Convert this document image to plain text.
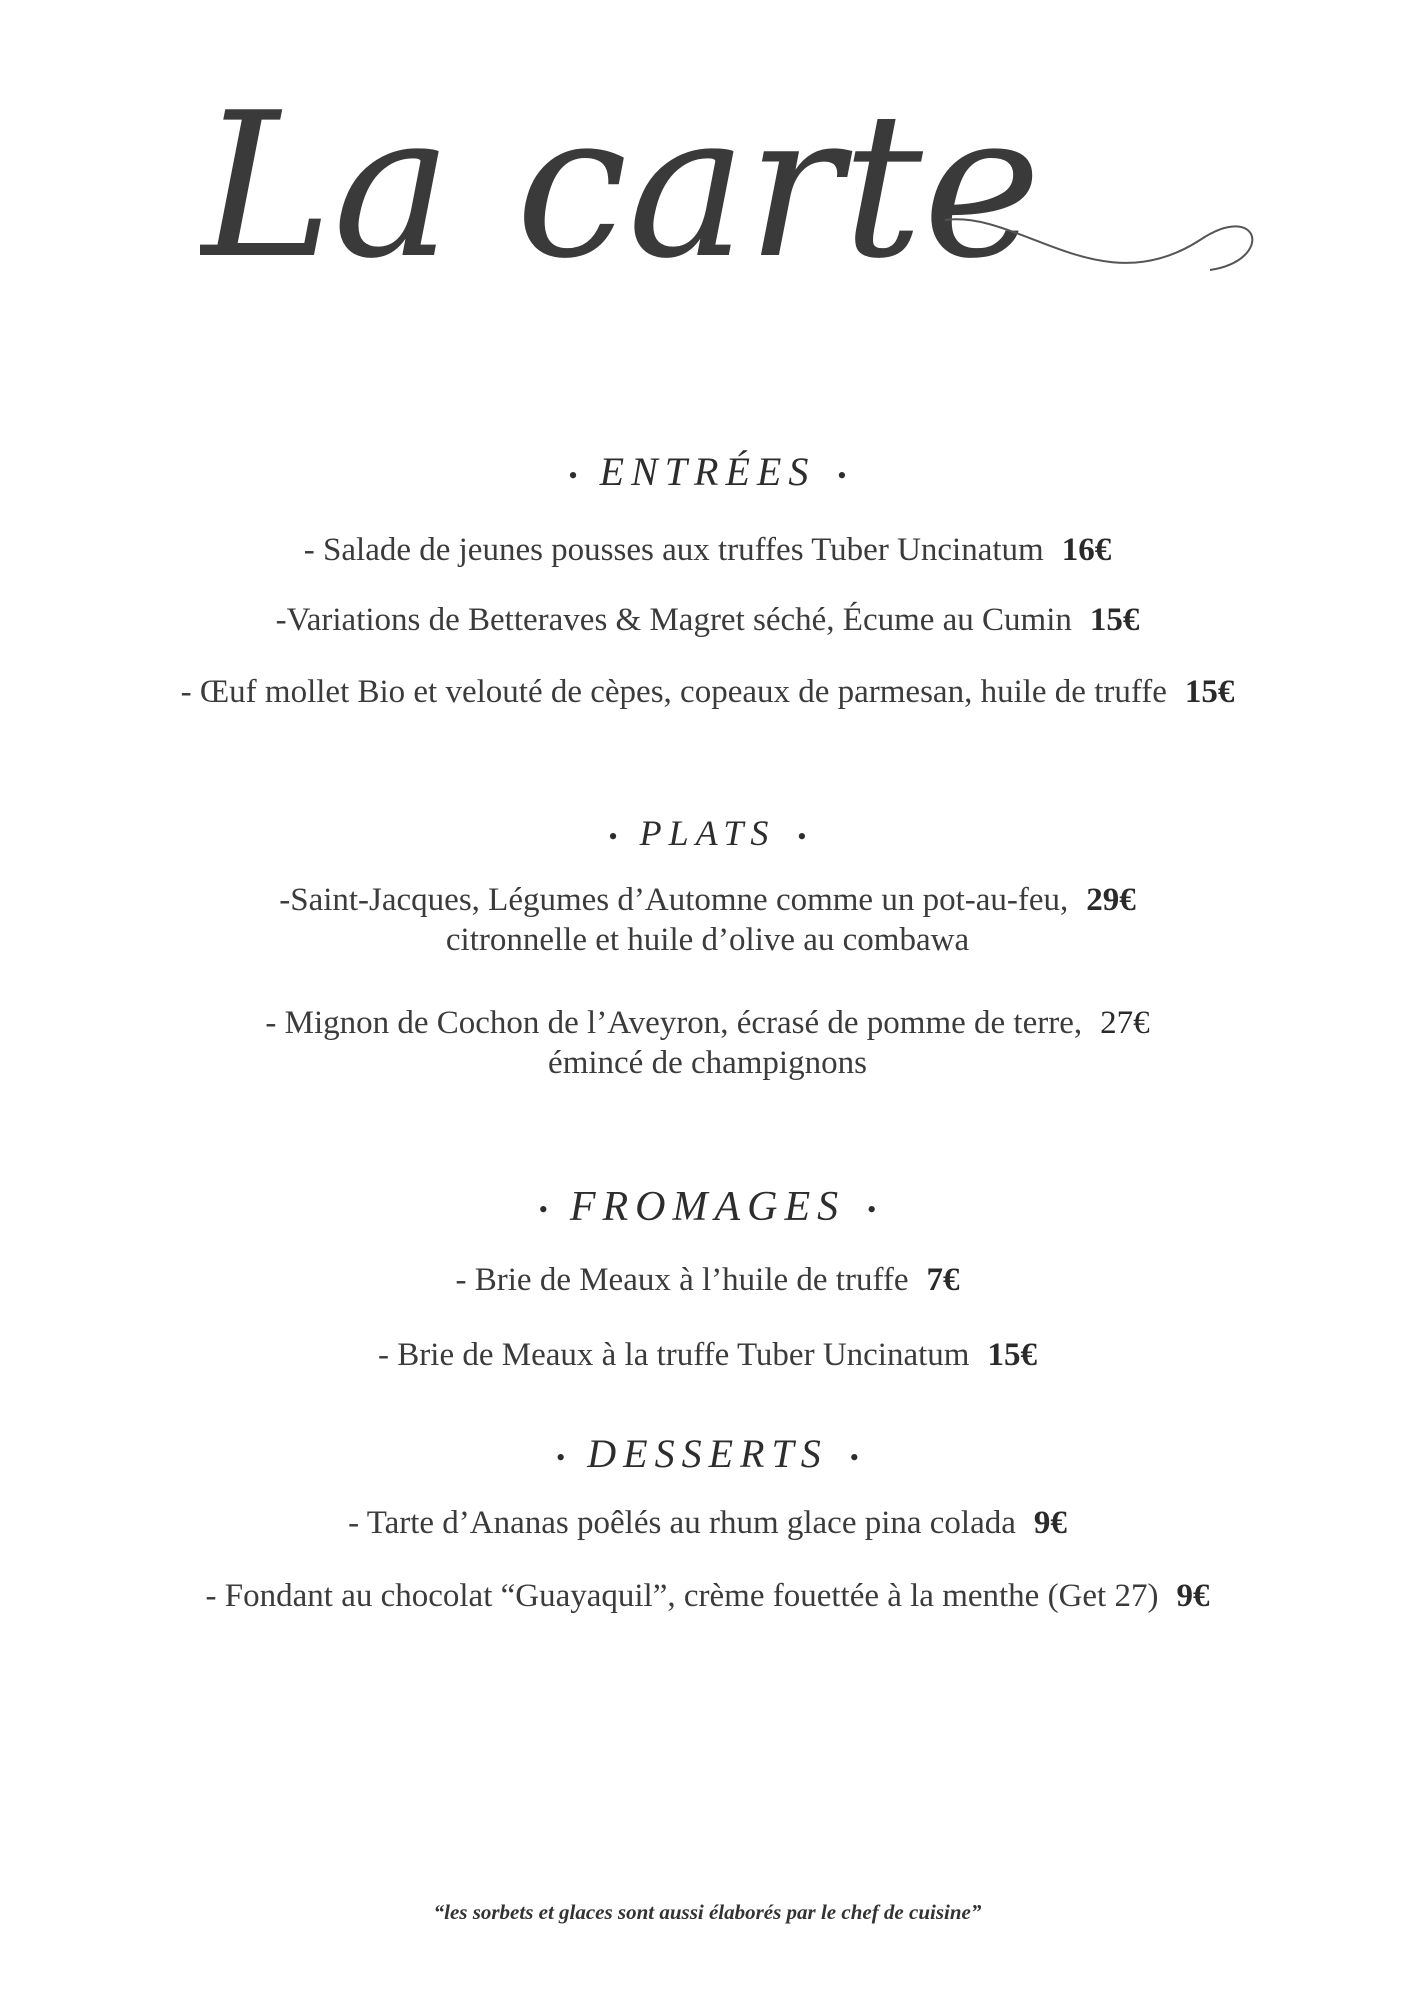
La carte
• ENTRÉES •
- Salade de jeunes pousses aux truffes Tuber Uncinatum 16€
-Variations de Betteraves & Magret séché, Écume au Cumin 15€
- Œuf mollet Bio et velouté de cèpes, copeaux de parmesan, huile de truffe 15€
• PLATS •
-Saint-Jacques, Légumes d’Automne comme un pot-au-feu, 29€
citronnelle et huile d’olive au combawa
- Mignon de Cochon de l’Aveyron, écrasé de pomme de terre, 27€
émincé de champignons
• FROMAGES •
- Brie de Meaux à l’huile de truffe 7€
- Brie de Meaux à la truffe Tuber Uncinatum 15€
• DESSERTS •
- Tarte d’Ananas poêlés au rhum glace pina colada 9€
- Fondant au chocolat “Guayaquil”, crème fouettée à la menthe (Get 27) 9€
“les sorbets et glaces sont aussi élaborés par le chef de cuisine”
